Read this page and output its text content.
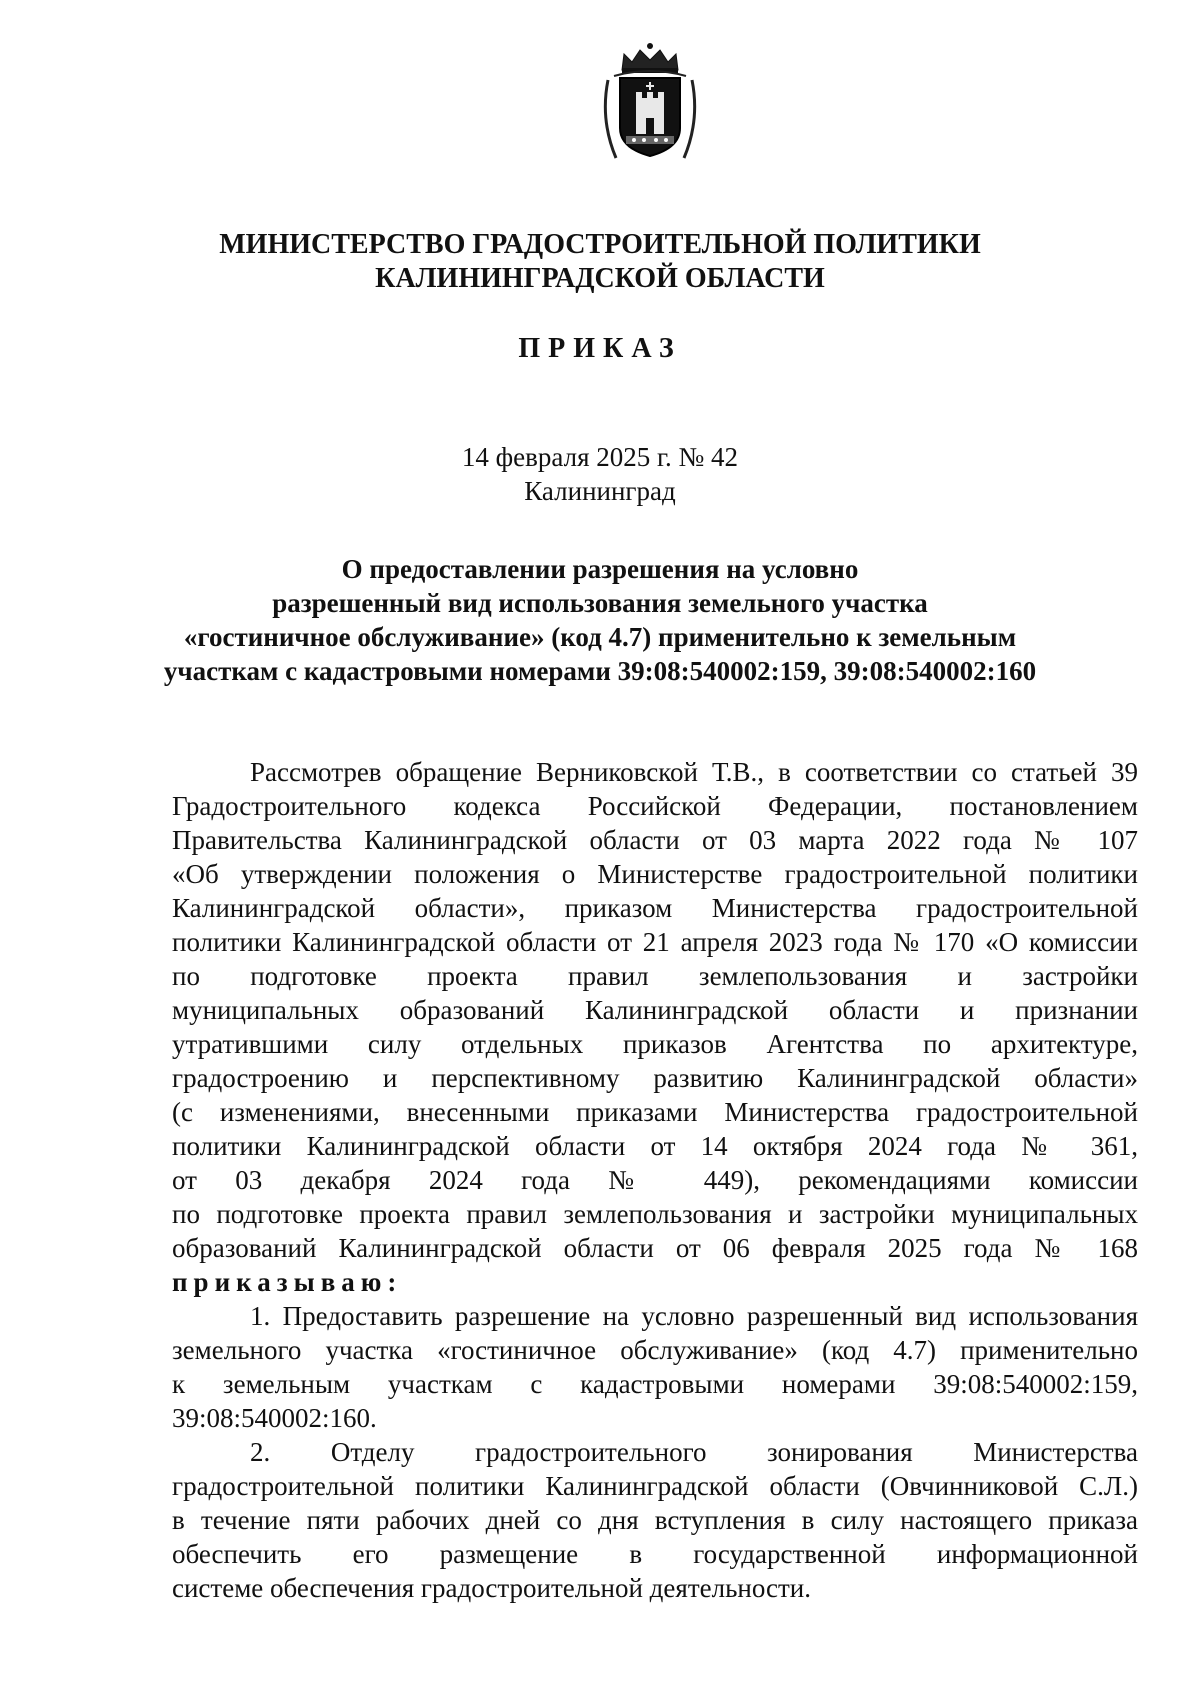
МИНИСТЕРСТВО ГРАДОСТРОИТЕЛЬНОЙ ПОЛИТИКИ
КАЛИНИНГРАДСКОЙ ОБЛАСТИ
ПРИКАЗ
14 февраля 2025 г. № 42
Калининград
О предоставлении разрешения на условно
разрешенный вид использования земельного участка
«гостиничное обслуживание» (код 4.7) применительно к земельным
участкам с кадастровыми номерами 39:08:540002:159, 39:08:540002:160
Рассмотрев обращение Верниковской Т.В., в соответствии со статьей 39
Градостроительного кодекса Российской Федерации, постановлением
Правительства Калининградской области от 03 марта 2022 года № 107
«Об утверждении положения о Министерстве градостроительной политики
Калининградской области», приказом Министерства градостроительной
политики Калининградской области от 21 апреля 2023 года № 170 «О комиссии
по подготовке проекта правил землепользования и застройки
муниципальных образований Калининградской области и признании
утратившими силу отдельных приказов Агентства по архитектуре,
градостроению и перспективному развитию Калининградской области»
(с изменениями, внесенными приказами Министерства градостроительной
политики Калининградской области от 14 октября 2024 года № 361,
от 03 декабря 2024 года № 449), рекомендациями комиссии
по подготовке проекта правил землепользования и застройки муниципальных
образований Калининградской области от 06 февраля 2025 года № 168
приказываю:
1. Предоставить разрешение на условно разрешенный вид использования
земельного участка «гостиничное обслуживание» (код 4.7) применительно
к земельным участкам с кадастровыми номерами 39:08:540002:159,
39:08:540002:160.
2. Отделу градостроительного зонирования Министерства
градостроительной политики Калининградской области (Овчинниковой С.Л.)
в течение пяти рабочих дней со дня вступления в силу настоящего приказа
обеспечить его размещение в государственной информационной
системе обеспечения градостроительной деятельности.
